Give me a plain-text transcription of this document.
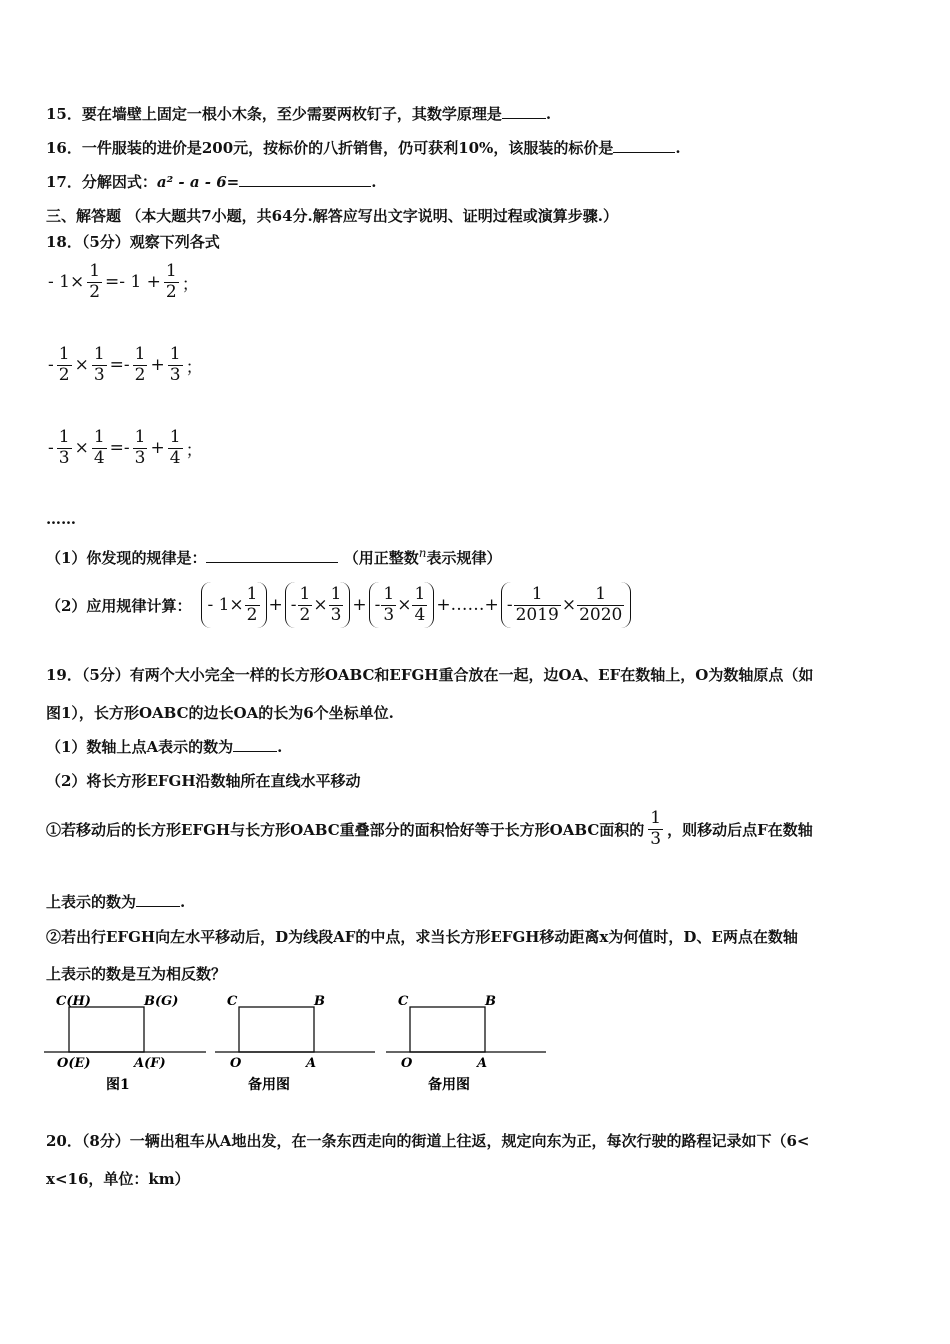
15．要在墙壁上固定一根小木条，至少需要两枚钉子，其数学原理是	.
16．一件服装的进价是200元，按标价的八折销售，仍可获利10%，该服装的标价是	.
17．分解因式：a² - a - 6=	.
三、解答题 （本大题共7小题，共64分.解答应写出文字说明、证明过程或演算步骤.）
18．（5分）观察下列各式
- $1\times \frac{1}{2} =- 1 + \frac{1}{2}$ ；
- $\frac{1}{2} \times \frac{1}{3} =- \frac{1}{2} + \frac{1}{3}$ ；
- $\frac{1}{3} \times \frac{1}{4} =- \frac{1}{3} + \frac{1}{4}$ ；
……
（1）你发现的规律是：	（用正整数$^n$表示规律）
（2）应用规律计算： - $1\times \frac{1}{2}$ + - $\frac{1}{2} \times \frac{1}{3}$ + - $\frac{1}{3} \times \frac{1}{4}$ +……+ - $\frac{1}{2019} \times \frac{1}{2020}$
19．（5分）有两个大小完全一样的长方形OABC和EFGH重合放在一起，边OA、EF在数轴上，O为数轴原点（如
图1），长方形OABC的边长OA的长为6个坐标单位.
（1）数轴上点A表示的数为	.
（2）将长方形EFGH沿数轴所在直线水平移动
①若移动后的长方形EFGH与长方形OABC重叠部分的面积恰好等于长方形OABC面积的 $\frac{1}{3}$ ，则移动后点F在数轴
上表示的数为	.
②若出行EFGH向左水平移动后，D为线段AF的中点，求当长方形EFGH移动距离x为何值时，D、E两点在数轴
上表示的数是互为相反数？
C(H)	B(G)
O(E)	A(F)
图1
C	B
O	A
备用图
C	B
O	A
备用图
20．（8分）一辆出租车从A地出发，在一条东西走向的街道上往返，规定向东为正，每次行驶的路程记录如下（6<
x<16，单位：km）
